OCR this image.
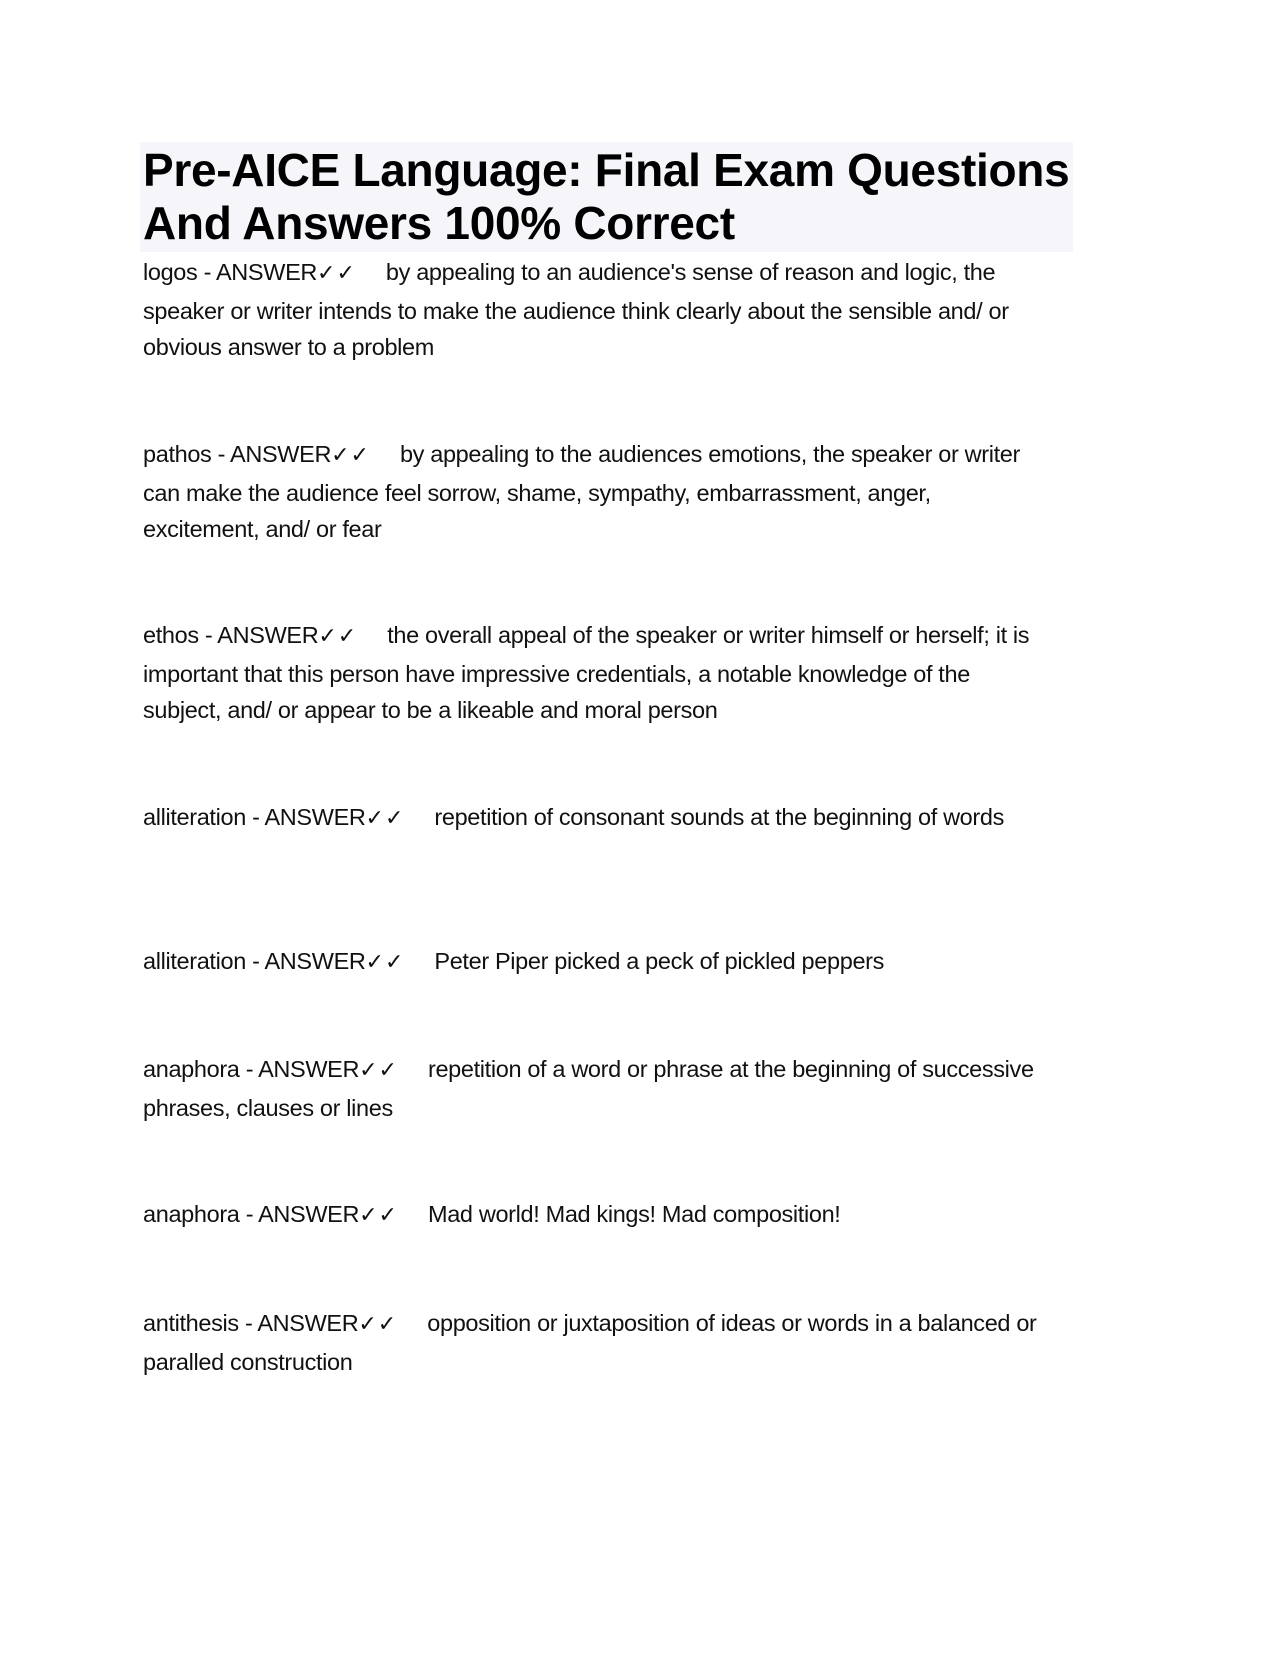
Pre-AICE Language: Final Exam Questions And Answers 100% Correct
logos - ANSWER✓✓ by appealing to an audience's sense of reason and logic, the speaker or writer intends to make the audience think clearly about the sensible and/ or obvious answer to a problem
pathos - ANSWER✓✓ by appealing to the audiences emotions, the speaker or writer can make the audience feel sorrow, shame, sympathy, embarrassment, anger, excitement, and/ or fear
ethos - ANSWER✓✓ the overall appeal of the speaker or writer himself or herself; it is important that this person have impressive credentials, a notable knowledge of the subject, and/ or appear to be a likeable and moral person
alliteration - ANSWER✓✓ repetition of consonant sounds at the beginning of words
alliteration - ANSWER✓✓ Peter Piper picked a peck of pickled peppers
anaphora - ANSWER✓✓ repetition of a word or phrase at the beginning of successive phrases, clauses or lines
anaphora - ANSWER✓✓ Mad world! Mad kings! Mad composition!
antithesis - ANSWER✓✓ opposition or juxtaposition of ideas or words in a balanced or paralled construction
